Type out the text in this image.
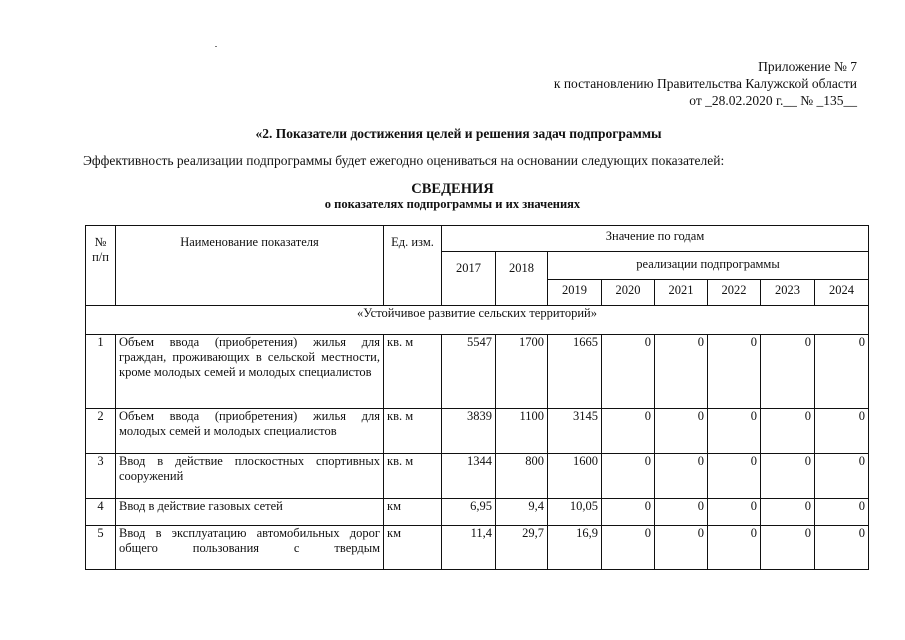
Приложение № 7
к постановлению Правительства Калужской области
от _28.02.2020 г.__ № _135__
«2. Показатели достижения целей и решения задач подпрограммы
Эффективность реализации подпрограммы будет ежегодно оцениваться на основании следующих показателей:
СВЕДЕНИЯ
о показателях подпрограммы и их значениях
№ п/п	Наименование показателя	Ед. изм.	Значение по годам							
			2017	2018	реализации подпрограммы					
					2019	2020	2021	2022	2023	2024
«Устойчивое развитие сельских территорий»										
1	Объем ввода (приобретения) жилья для граждан, проживающих в сельской местности, кроме молодых семей и молодых специалистов	кв. м	5547	1700	1665	0	0	0	0	0
2	Объем ввода (приобретения) жилья для молодых семей и молодых специалистов	кв. м	3839	1100	3145	0	0	0	0	0
3	Ввод в действие плоскостных спортивных сооружений	кв. м	1344	800	1600	0	0	0	0	0
4	Ввод в действие газовых сетей	км	6,95	9,4	10,05	0	0	0	0	0
5	Ввод в эксплуатацию автомобильных дорог общего пользования с твердым	км	11,4	29,7	16,9	0	0	0	0	0
